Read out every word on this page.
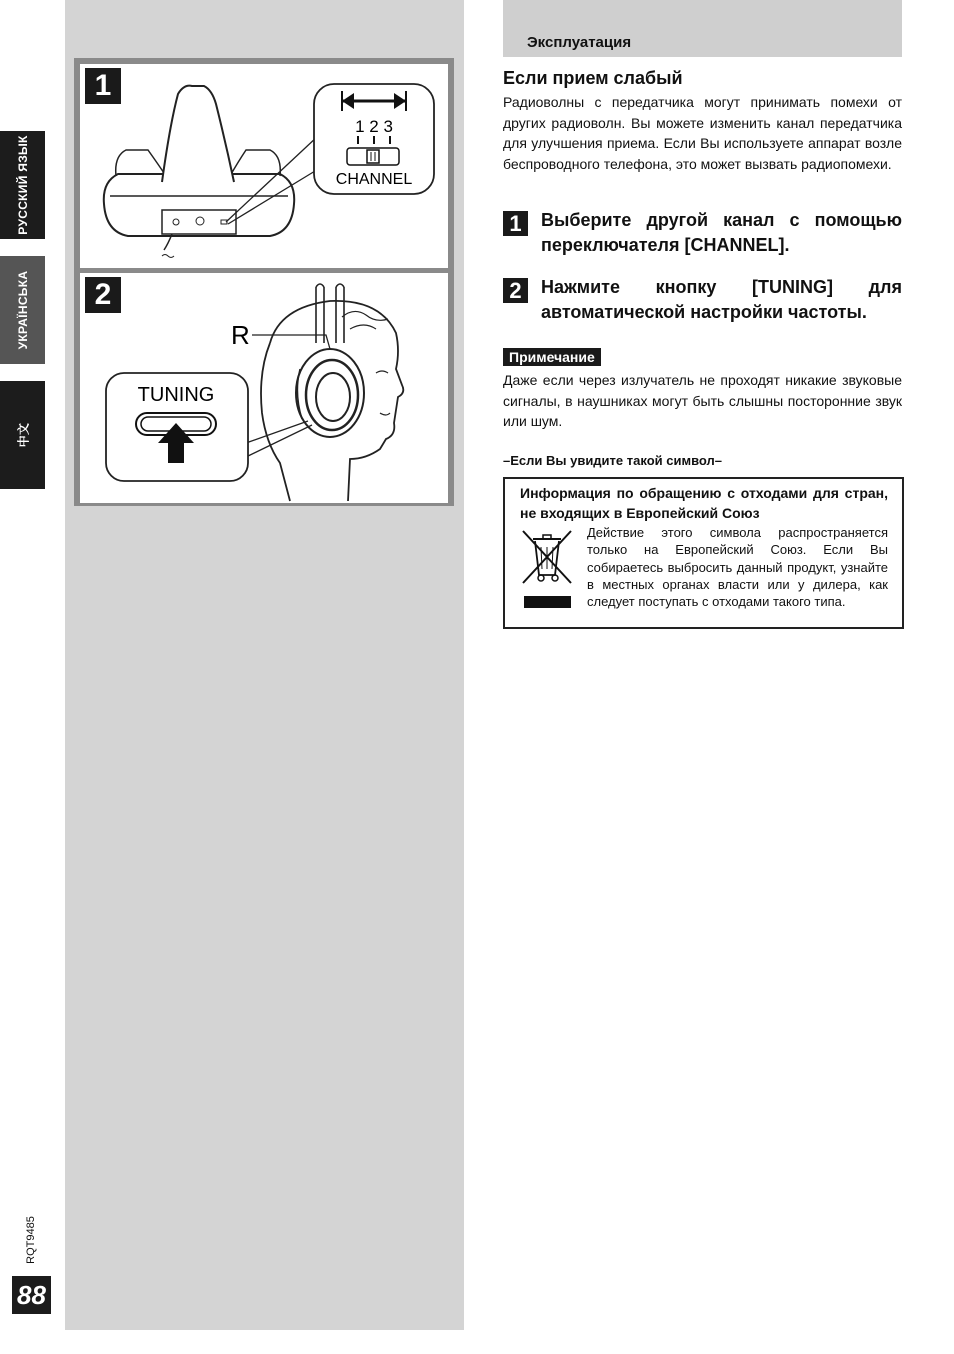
РУССКИЙ ЯЗЫК
УКРАЇНСЬКА
中文
RQT9485
88
1 2 3
CHANNEL
1
R
TUNING
2
Эксплуатация
Если прием слабый
Радиоволны с передатчика могут принимать помехи от других радиоволн. Вы можете изменить канал передатчика для улучшения приема. Если Вы используете аппарат возле беспроводного телефона, это может вызвать радиопомехи.
1	Выберите другой канал с помощью переключателя [CHANNEL].
2	Нажмите кнопку [TUNING] для автоматической настройки частоты.
Примечание
Даже если через излучатель не проходят никакие звуковые сигналы, в наушниках могут быть слышны посторонние звук или шум.
–Если Вы увидите такой символ–
Информация по обращению с отходами для стран, не входящих в Европейский Союз
Действие этого символа распространяется только на Европейский Союз. Если Вы собираетесь выбросить данный продукт, узнайте в местных органах власти или у дилера, как следует поступать с отходами такого типа.
